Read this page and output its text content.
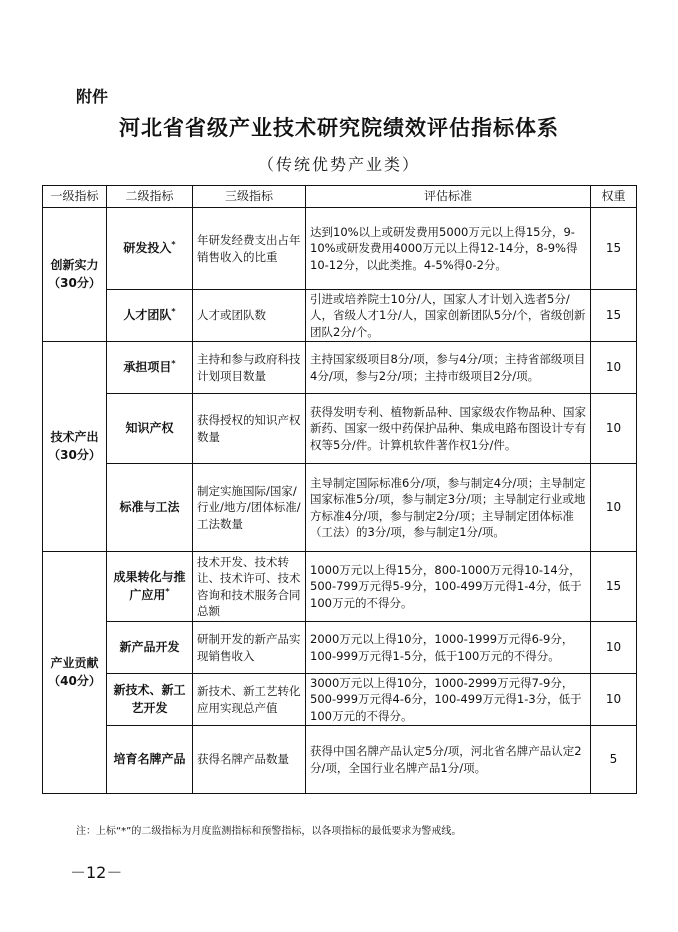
附件
河北省省级产业技术研究院绩效评估指标体系
（传统优势产业类）
一级指标	二级指标	三级指标	评估标准	权重

创新实力
（30分）	研发投入*	年研发经费支出占年销售收入的比重	达到10%以上或研发费用5000万元以上得15分，9-10%或研发费用4000万元以上得12-14分，8-9%得10-12分，以此类推。4-5%得0-2分。	15
	人才团队*	人才或团队数	引进或培养院士10分/人，国家人才计划入选者5分/人，省级人才1分/人，国家创新团队5分/个，省级创新团队2分/个。	15

技术产出
（30分）	承担项目*	主持和参与政府科技计划项目数量	主持国家级项目8分/项，参与4分/项；主持省部级项目4分/项，参与2分/项；主持市级项目2分/项。	10
	知识产权	获得授权的知识产权数量	获得发明专利、植物新品种、国家级农作物品种、国家新药、国家一级中药保护品种、集成电路布图设计专有权等5分/件。计算机软件著作权1分/件。	10
	标准与工法	制定实施国际/国家/行业/地方/团体标准/工法数量	主导制定国际标准6分/项，参与制定4分/项；主导制定国家标准5分/项，参与制定3分/项；主导制定行业或地方标准4分/项，参与制定2分/项；主导制定团体标准（工法）的3分/项，参与制定1分/项。	10

产业贡献
（40分）	成果转化与推广应用*	技术开发、技术转让、技术许可、技术咨询和技术服务合同总额	1000万元以上得15分，800-1000万元得10-14分，500-799万元得5-9分，100-499万元得1-4分，低于100万元的不得分。	15
	新产品开发	研制开发的新产品实现销售收入	2000万元以上得10分，1000-1999万元得6-9分，100-999万元得1-5分，低于100万元的不得分。	10
	新技术、新工艺开发	新技术、新工艺转化应用实现总产值	3000万元以上得10分，1000-2999万元得7-9分，500-999万元得4-6分，100-499万元得1-3分，低于100万元的不得分。	10
	培育名牌产品	获得名牌产品数量	获得中国名牌产品认定5分/项，河北省名牌产品认定2分/项，全国行业名牌产品1分/项。	5
注：上标“*”的二级指标为月度监测指标和预警指标，以各项指标的最低要求为警戒线。
－12－
